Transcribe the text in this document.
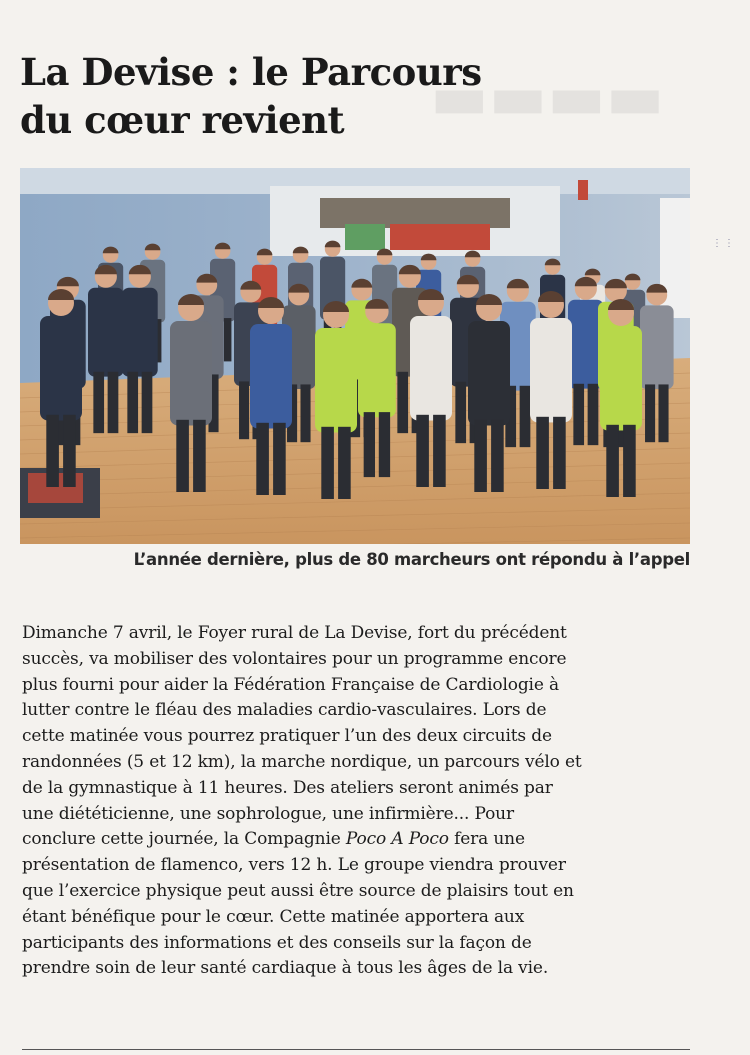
▬▬▬▬
La Devise : le Parcours
du cœur revient

L’année dernière, plus de 80 marcheurs ont répondu à l’appel

Dimanche 7 avril, le Foyer rural de La Devise, fort du précédent
succès, va mobiliser des volontaires pour un programme encore
plus fourni pour aider la Fédération Française de Cardiologie à
lutter contre le fléau des maladies cardio-vasculaires. Lors de
cette matinée vous pourrez pratiquer l’un des deux circuits de
randonnées (5 et 12 km), la marche nordique, un parcours vélo et
de la gymnastique à 11 heures. Des ateliers seront animés par
une diététicienne, une sophrologue, une infirmière... Pour
conclure cette journée, la Compagnie Poco A Poco fera une
présentation de flamenco, vers 12 h. Le groupe viendra prouver
que l’exercice physique peut aussi être source de plaisirs tout en
étant bénéfique pour le cœur. Cette matinée apportera aux
participants des informations et des conseils sur la façon de
prendre soin de leur santé cardiaque à tous les âges de la vie.

⋮⋮
